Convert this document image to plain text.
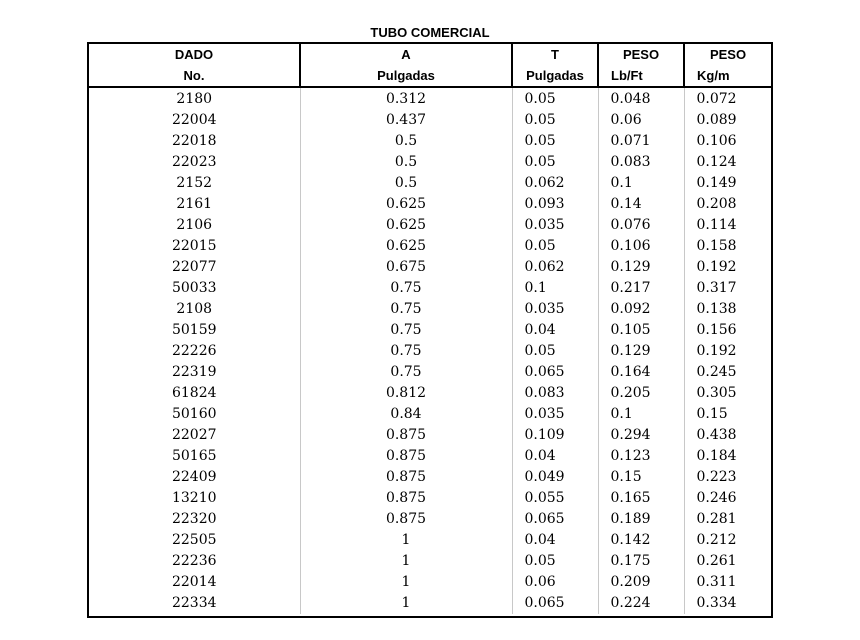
TUBO COMERCIAL
DADO	A	T	PESO	PESO
No.	Pulgadas	Pulgadas	Lb/Ft	Kg/m
2180	0.312	0.05	0.048	0.072
22004	0.437	0.05	0.06	0.089
22018	0.5	0.05	0.071	0.106
22023	0.5	0.05	0.083	0.124
2152	0.5	0.062	0.1	0.149
2161	0.625	0.093	0.14	0.208
2106	0.625	0.035	0.076	0.114
22015	0.625	0.05	0.106	0.158
22077	0.675	0.062	0.129	0.192
50033	0.75	0.1	0.217	0.317
2108	0.75	0.035	0.092	0.138
50159	0.75	0.04	0.105	0.156
22226	0.75	0.05	0.129	0.192
22319	0.75	0.065	0.164	0.245
61824	0.812	0.083	0.205	0.305
50160	0.84	0.035	0.1	0.15
22027	0.875	0.109	0.294	0.438
50165	0.875	0.04	0.123	0.184
22409	0.875	0.049	0.15	0.223
13210	0.875	0.055	0.165	0.246
22320	0.875	0.065	0.189	0.281
22505	1	0.04	0.142	0.212
22236	1	0.05	0.175	0.261
22014	1	0.06	0.209	0.311
22334	1	0.065	0.224	0.334
